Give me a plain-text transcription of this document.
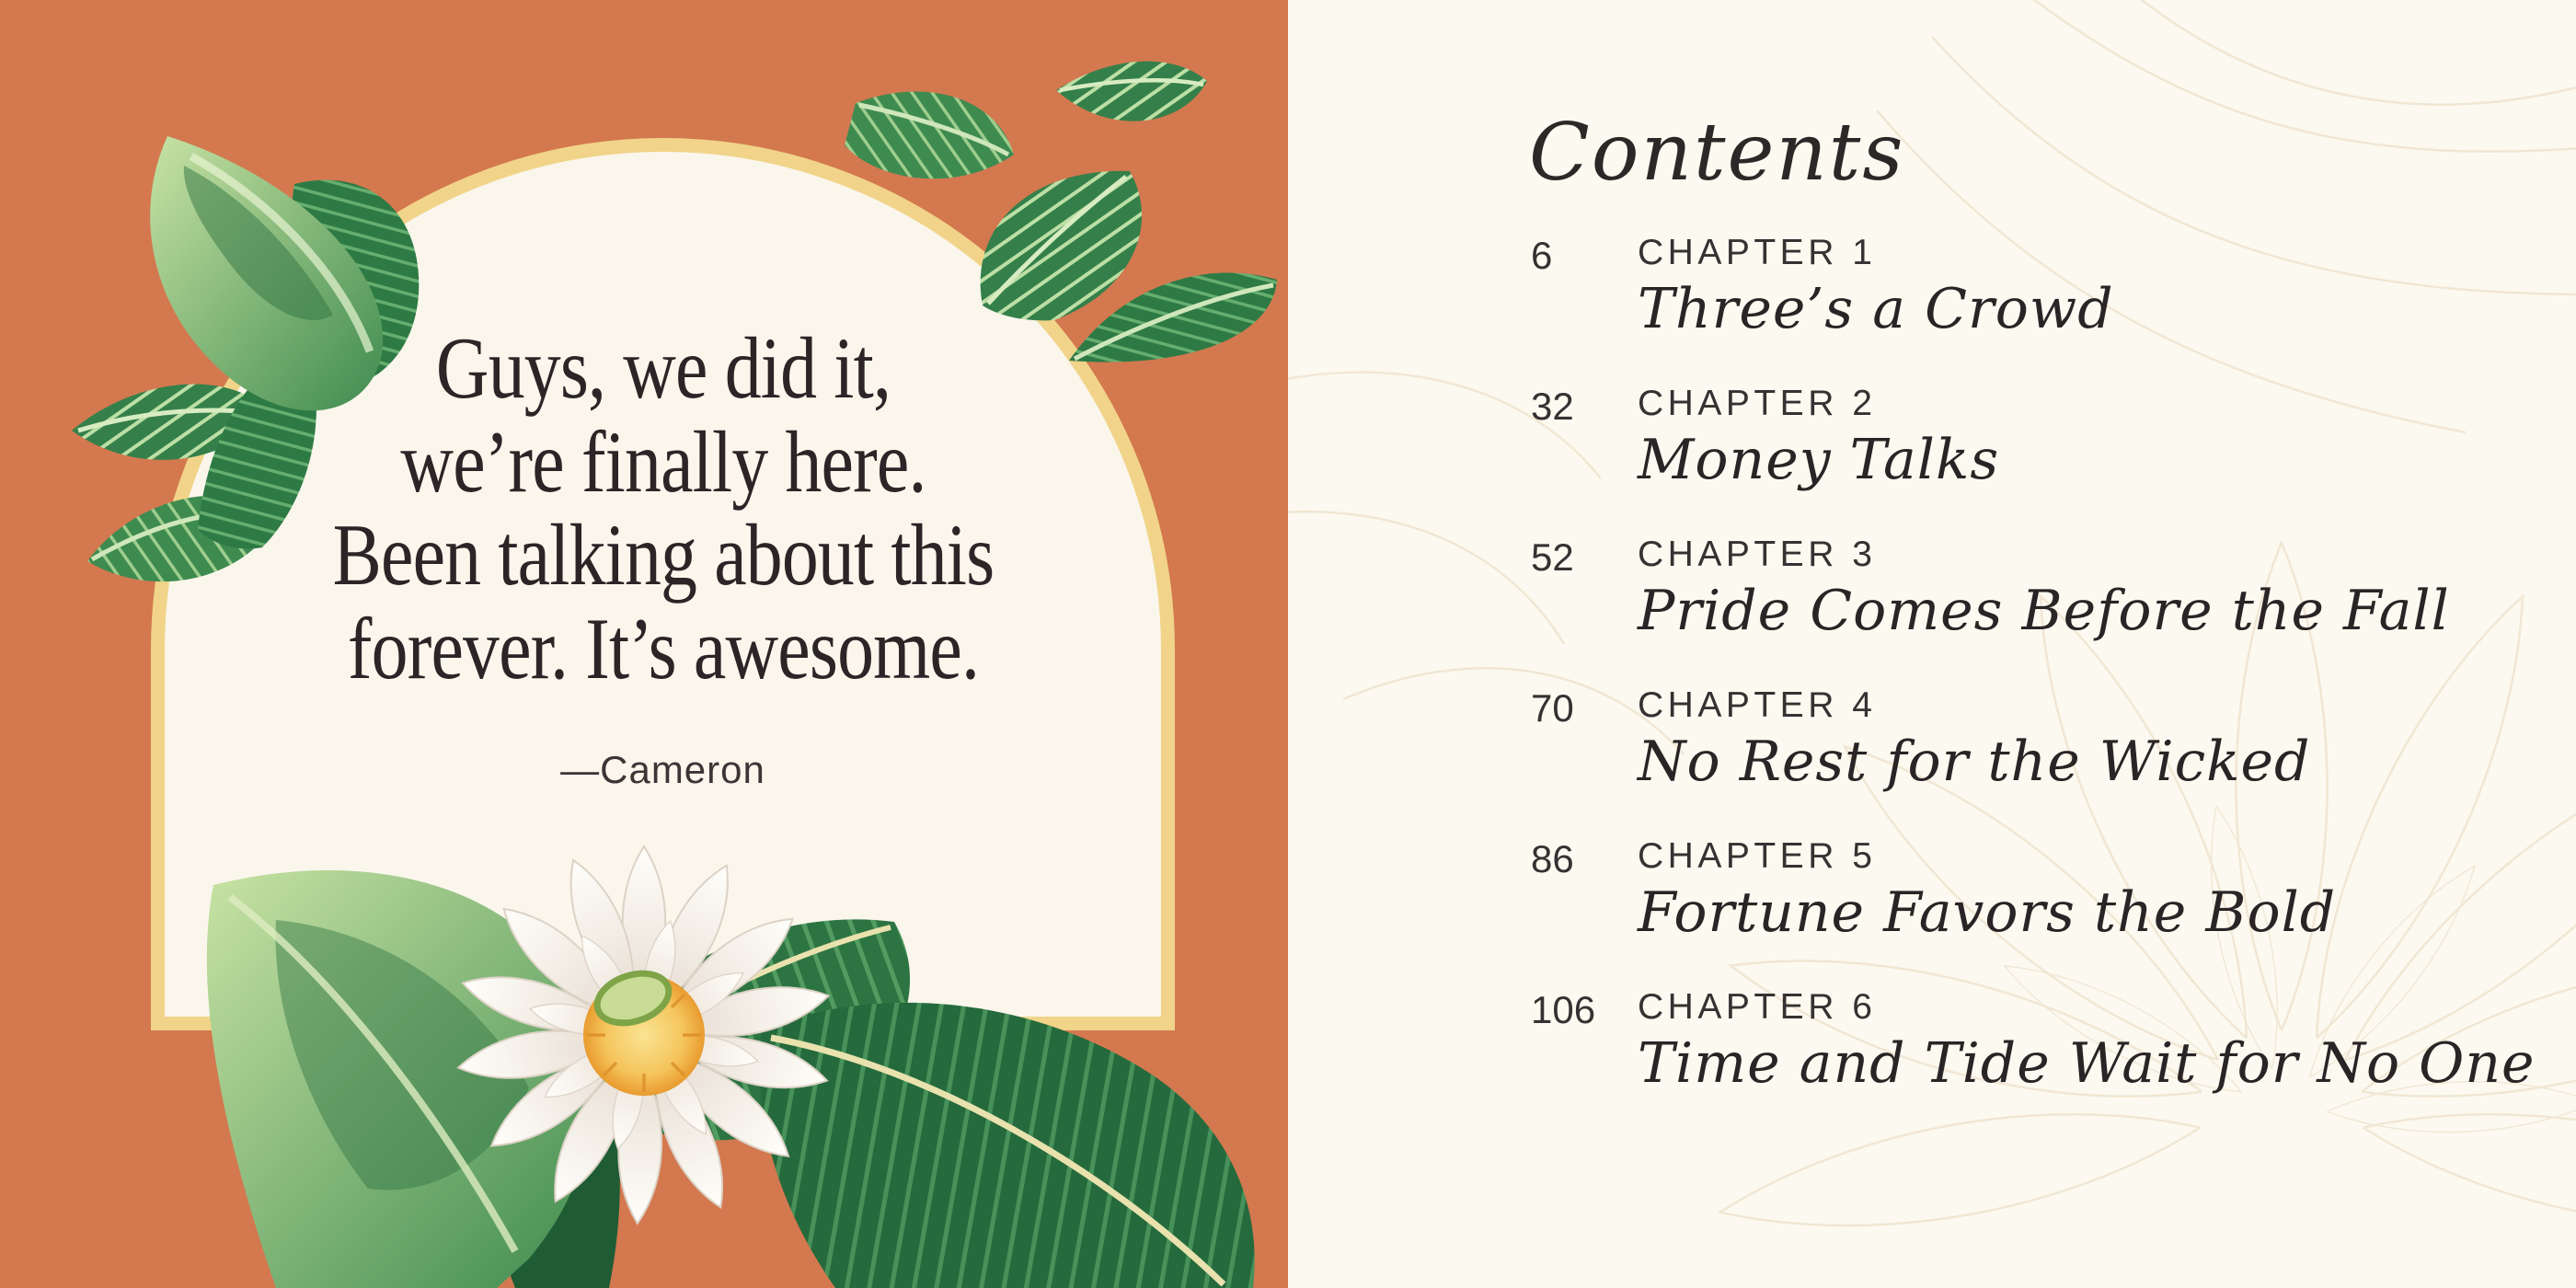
Guys, we did it,
we’re finally here.
Been talking about this
forever. It’s awesome.
—Cameron
Contents
6	CHAPTER 1
Three’s a Crowd
32	CHAPTER 2
Money Talks
52	CHAPTER 3
Pride Comes Before the Fall
70	CHAPTER 4
No Rest for the Wicked
86	CHAPTER 5
Fortune Favors the Bold
106	CHAPTER 6
Time and Tide Wait for No One
